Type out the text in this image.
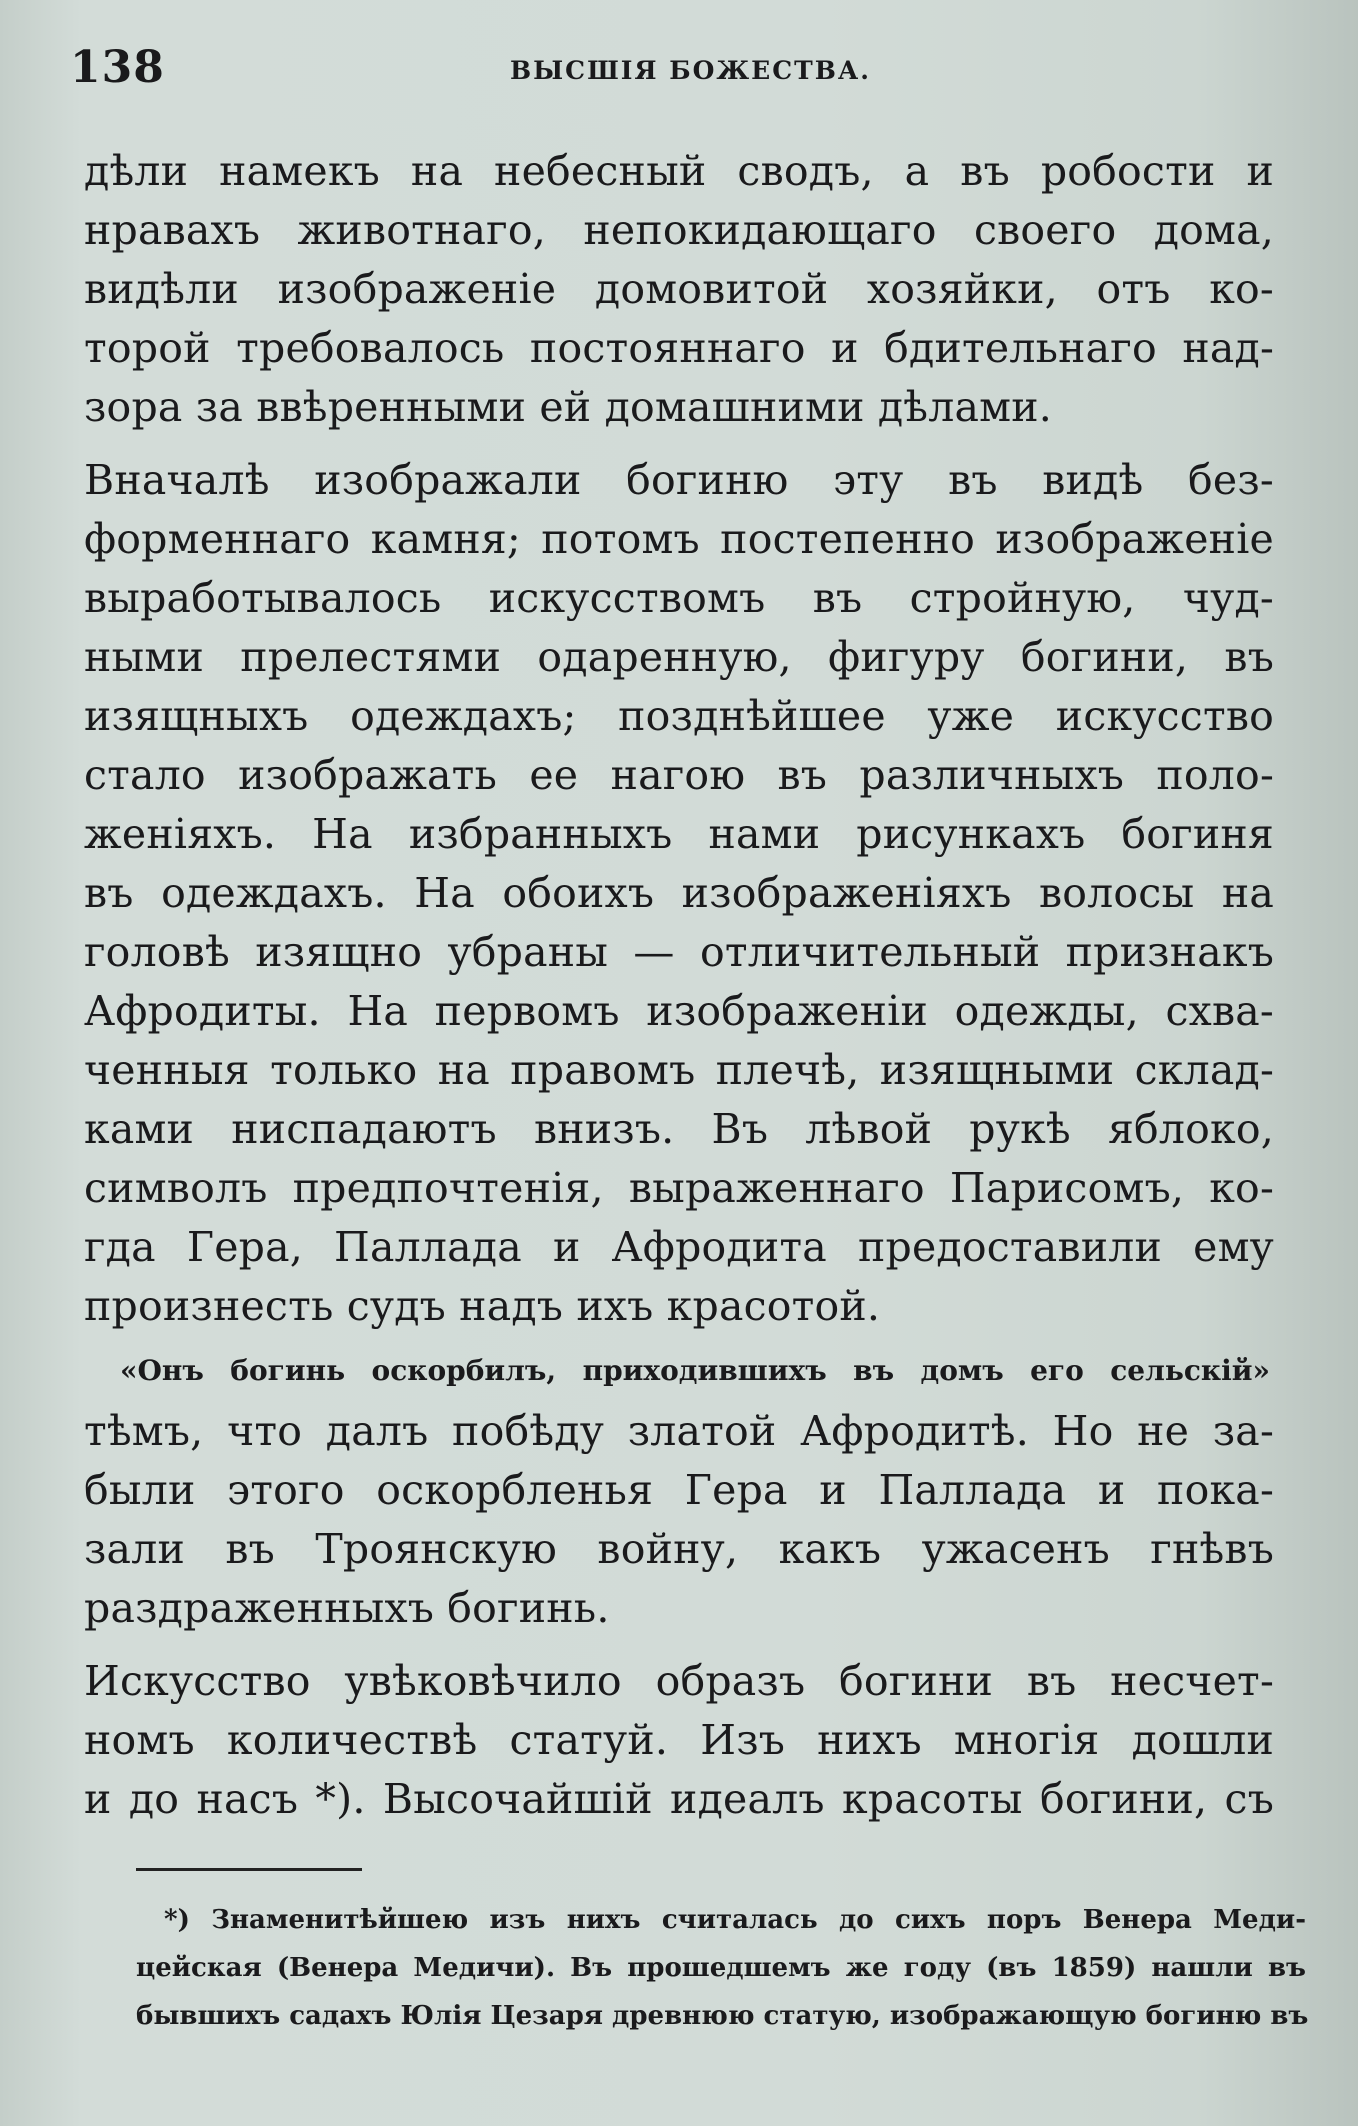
138	ВЫСШІЯ БОЖЕСТВА.
дѣли намекъ на небесный сводъ, а въ робости и
нравахъ животнаго, непокидающаго своего дома,
видѣли изображеніе домовитой хозяйки, отъ ко-
торой требовалось постояннаго и бдительнаго над-
зора за ввѣренными ей домашними дѣлами.
Вначалѣ изображали богиню эту въ видѣ без-
форменнаго камня; потомъ постепенно изображеніе
выработывалось искусствомъ въ стройную, чуд-
ными прелестями одаренную, фигуру богини, въ
изящныхъ одеждахъ; позднѣйшее уже искусство
стало изображать ее нагою въ различныхъ поло-
женіяхъ. На избранныхъ нами рисункахъ богиня
въ одеждахъ. На обоихъ изображеніяхъ волосы на
головѣ изящно убраны — отличительный признакъ
Афродиты. На первомъ изображеніи одежды, схва-
ченныя только на правомъ плечѣ, изящными склад-
ками ниспадаютъ внизъ. Въ лѣвой рукѣ яблоко,
символъ предпочтенія, выраженнаго Парисомъ, ко-
гда Гера, Паллада и Афродита предоставили ему
произнесть судъ надъ ихъ красотой.
«Онъ богинь оскорбилъ, приходившихъ въ домъ его сельскій»
тѣмъ, что далъ побѣду златой Афродитѣ. Но не за-
были этого оскорбленья Гера и Паллада и пока-
зали въ Троянскую войну, какъ ужасенъ гнѣвъ
раздраженныхъ богинь.
Искусство увѣковѣчило образъ богини въ несчет-
номъ количествѣ статуй. Изъ нихъ многія дошли
и до насъ *). Высочайшій идеалъ красоты богини, съ
*) Знаменитѣйшею изъ нихъ считалась до сихъ поръ Венера Меди-
цейская (Венера Медичи). Въ прошедшемъ же году (въ 1859) нашли въ
бывшихъ садахъ Юлія Цезаря древнюю статую, изображающую богиню въ
